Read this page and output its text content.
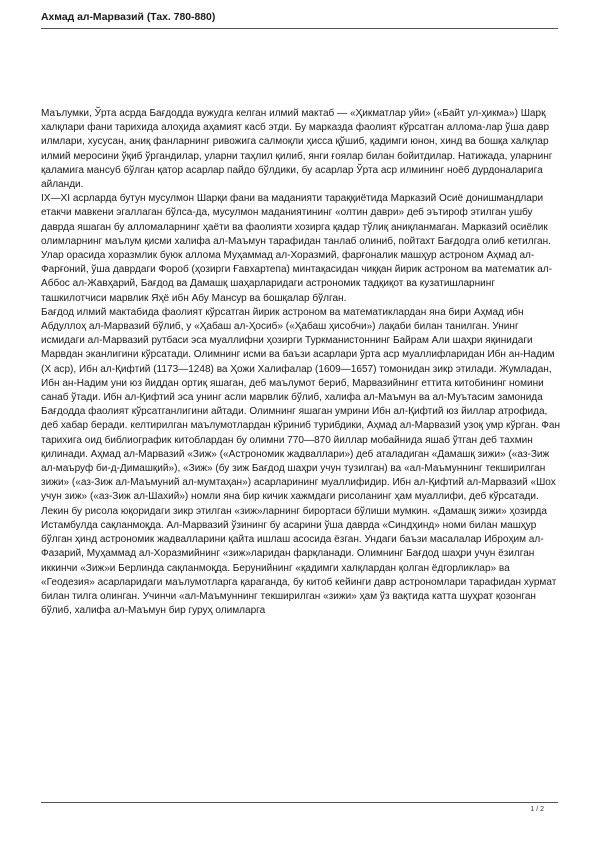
Ахмад ал-Марвазий (Тах. 780-880)

Маълумки, Ўрта асрда Бағдодда вужудга келган илмий мактаб — «Ҳикматлар уйи» («Байт ул-ҳикма») Шарқ халқлари фани тарихида алоҳида аҳамият касб этди. Бу марказда фаолият кўрсатган аллома-лар ўша давр илмлари, хусусан, аниқ фанларнинг ривожига салмоқли ҳисса қўшиб, қадимги юнон, хинд ва бошқа халқлар илмий меросини ўқиб ўргандилар, уларни таҳлил қилиб, янги ғоялар билан бойитдилар. Натижада, уларнинг қаламига мансуб бўлган қатор асарлар пайдо бўлдики, бу асарлар Ўрта аср илмининг ноёб дурдоналарига айланди.

IX—XI асрларда бутун мусулмон Шарқи фани ва маданияти тараққиётида Марказий Осиё донишмандлари етакчи мавкени эгаллаган бўлса-да, мусулмон маданиятининг «олтин даври» деб эътироф этилган ушбу даврда яшаган бу алломаларнинг ҳаёти ва фаолияти хозирга қадар тўлиқ аниқланмаган. Марказий осиёлик олимларнинг маълум қисми халифа ал-Маъмун тарафидан танлаб олиниб, пойтахт Бағдодга олиб кетилган. Улар орасида хоразмлик буюк аллома Муҳаммад ал-Хоразмий, фарғоналик машҳур астроном Аҳмад ал-Фарғоний, ўша даврдаги Фороб (ҳозирги Ғавхартепа) минтақасидан чиққан йирик астроном ва математик ал-Аббос ал-Жавҳарий, Бағдод ва Дамашқ шаҳарларидаги астрономик тадқиқот ва кузатишларнинг ташкилотчиси марвлик Яҳё ибн Абу Мансур ва бошқалар бўлган.

Бағдод илмий мактабида фаолият кўрсатган йирик астроном ва математиклардан яна бири Аҳмад ибн Абдуллоҳ ал-Марвазий бўлиб, у «Ҳабаш ал-Ҳосиб» («Ҳабаш ҳисобчи») лақаби билан танилган. Унинг исмидаги ал-Марвазий рутбаси эса муаллифни ҳозирги Туркманистоннинг Байрам Али шаҳри яқинидаги Марвдан эканлигини кўрсатади. Олимнинг исми ва баъзи асарлари ўрта аср муаллифларидан Ибн ан-Надим (X аср), Ибн ал-Қифтий (1173—1248) ва Ҳожи Халифалар (1609—1657) томонидан зикр этилади. Жумладан, Ибн ан-Надим уни юз йиддан ортиқ яшаган, деб маълумот бериб, Марвазийнинг еттита китобининг номини санаб ўтади. Ибн ал-Қифтий эса унинг асли марвлик бўлиб, халифа ал-Маъмун ва ал-Муътасим замонида Бағдодда фаолият кўрсатганлигини айтади. Олимнинг яшаган умрини Ибн ал-Қифтий юз йиллар атрофида, деб хабар беради. келтирилган маълумотлардан кўриниб турибдики, Аҳмад ал-Марвазий узоқ умр кўрган. Фан тарихига оид библиографик китоблардан бу олимни 770—870 йиллар мобайнида яшаб ўтган деб тахмин қилинади. Аҳмад ал-Марвазий «Зиж» («Астрономик жадваллари») деб аталадиган «Дамашқ зижи» («аз-Зиж ал-маъруф би-д-Димашқий»), «Зиж» (бу зиж Бағдод шаҳри учун тузилган) ва «ал-Маъмуннинг текширилган зижи» («аз-Зиж ал-Маъмуний ал-мумтаҳан») асарларининг муаллифидир. Ибн ал-Қифтий ал-Марвазий «Шох учун зиж» («аз-Зиж ал-Шахий») номли яна бир кичик хажмдаги рисоланинг ҳам муаллифи, деб кўрсатади. Лекин бу рисола юқоридаги зикр этилган «зиж»ларнинг бирортаси бўлиши мумкин. «Дамашқ зижи» ҳозирда Истамбулда сақланмоқда. Ал-Марвазий ўзининг бу асарини ўша даврда «Синдҳинд» номи билан машҳур бўлган ҳинд астрономик жадвалларини қайта ишлаш асосида ёзган. Ундаги баъзи масалалар Иброҳим ал-Фазарий, Муҳаммад ал-Хоразмийнинг «зиж»ларидан фарқланади. Олимнинг Бағдод шаҳри учун ёзилган иккинчи «Зиж»и Берлинда сақланмоқда. Берунийнинг «қадимги халқлардан қолган ёдгорликлар» ва «Геодезия» асарларидаги маълумотларга қараганда, бу китоб кейинги давр астрономлари тарафидан хурмат билан тилга олинган. Учинчи «ал-Маъмуннинг текширилган «зижи» ҳам ўз вақтида катта шуҳрат қозонган бўлиб, халифа ал-Маъмун бир гуруҳ олимларга

1 / 2
